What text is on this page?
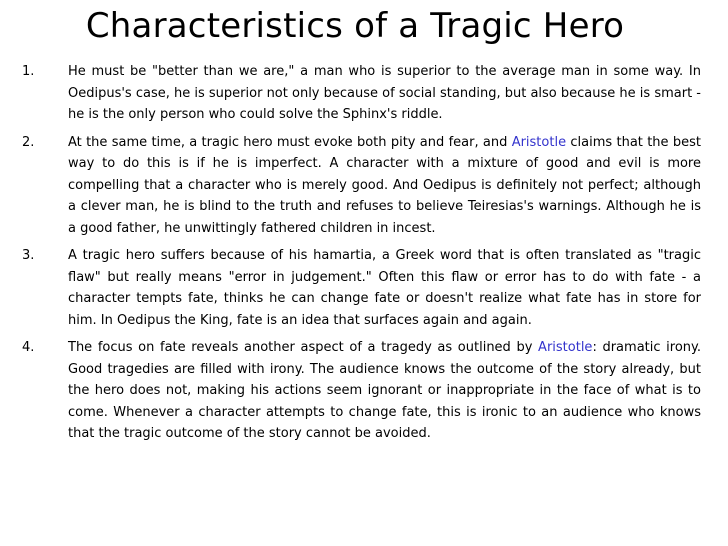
Characteristics of a Tragic Hero
1.	He must be "better than we are," a man who is superior to the average man in some way. In Oedipus's case, he is superior not only because of social standing, but also because he is smart - he is the only person who could solve the Sphinx's riddle.
2.	At the same time, a tragic hero must evoke both pity and fear, and Aristotle claims that the best way to do this is if he is imperfect. A character with a mixture of good and evil is more compelling that a character who is merely good. And Oedipus is definitely not perfect; although a clever man, he is blind to the truth and refuses to believe Teiresias's warnings. Although he is a good father, he unwittingly fathered children in incest.
3.	A tragic hero suffers because of his hamartia, a Greek word that is often translated as "tragic flaw" but really means "error in judgement." Often this flaw or error has to do with fate - a character tempts fate, thinks he can change fate or doesn't realize what fate has in store for him. In Oedipus the King, fate is an idea that surfaces again and again.
4.	The focus on fate reveals another aspect of a tragedy as outlined by Aristotle: dramatic irony. Good tragedies are filled with irony. The audience knows the outcome of the story already, but the hero does not, making his actions seem ignorant or inappropriate in the face of what is to come. Whenever a character attempts to change fate, this is ironic to an audience who knows that the tragic outcome of the story cannot be avoided.
